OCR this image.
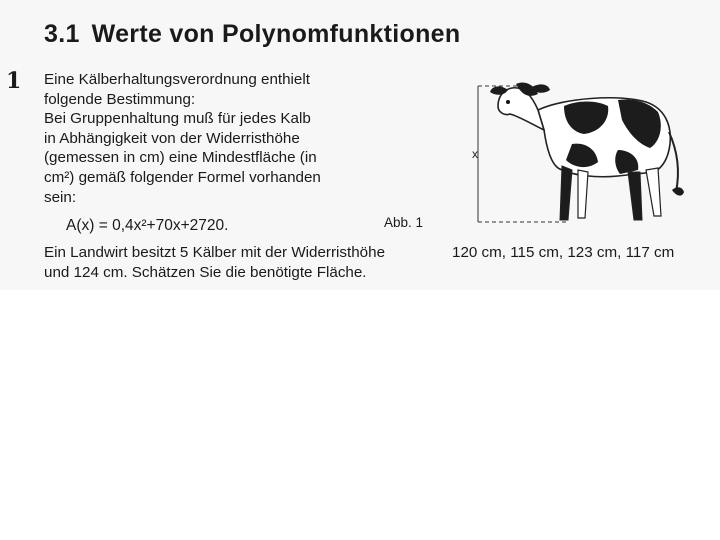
3.1 Werte von Polynomfunktionen
1 Eine Kälberhaltungsverordnung enthielt
folgende Bestimmung:
Bei Gruppenhaltung muß für jedes Kalb
in Abhängigkeit von der Widerristhöhe
(gemessen in cm) eine Mindestfläche (in
cm²) gemäß folgender Formel vorhanden
sein:
A(x) = 0,4x²+70x+2720.	Abb. 1
Ein Landwirt besitzt 5 Kälber mit der Widerristhöhe
und 124 cm. Schätzen Sie die benötigte Fläche.
120 cm, 115 cm, 123 cm, 117 cm
x
